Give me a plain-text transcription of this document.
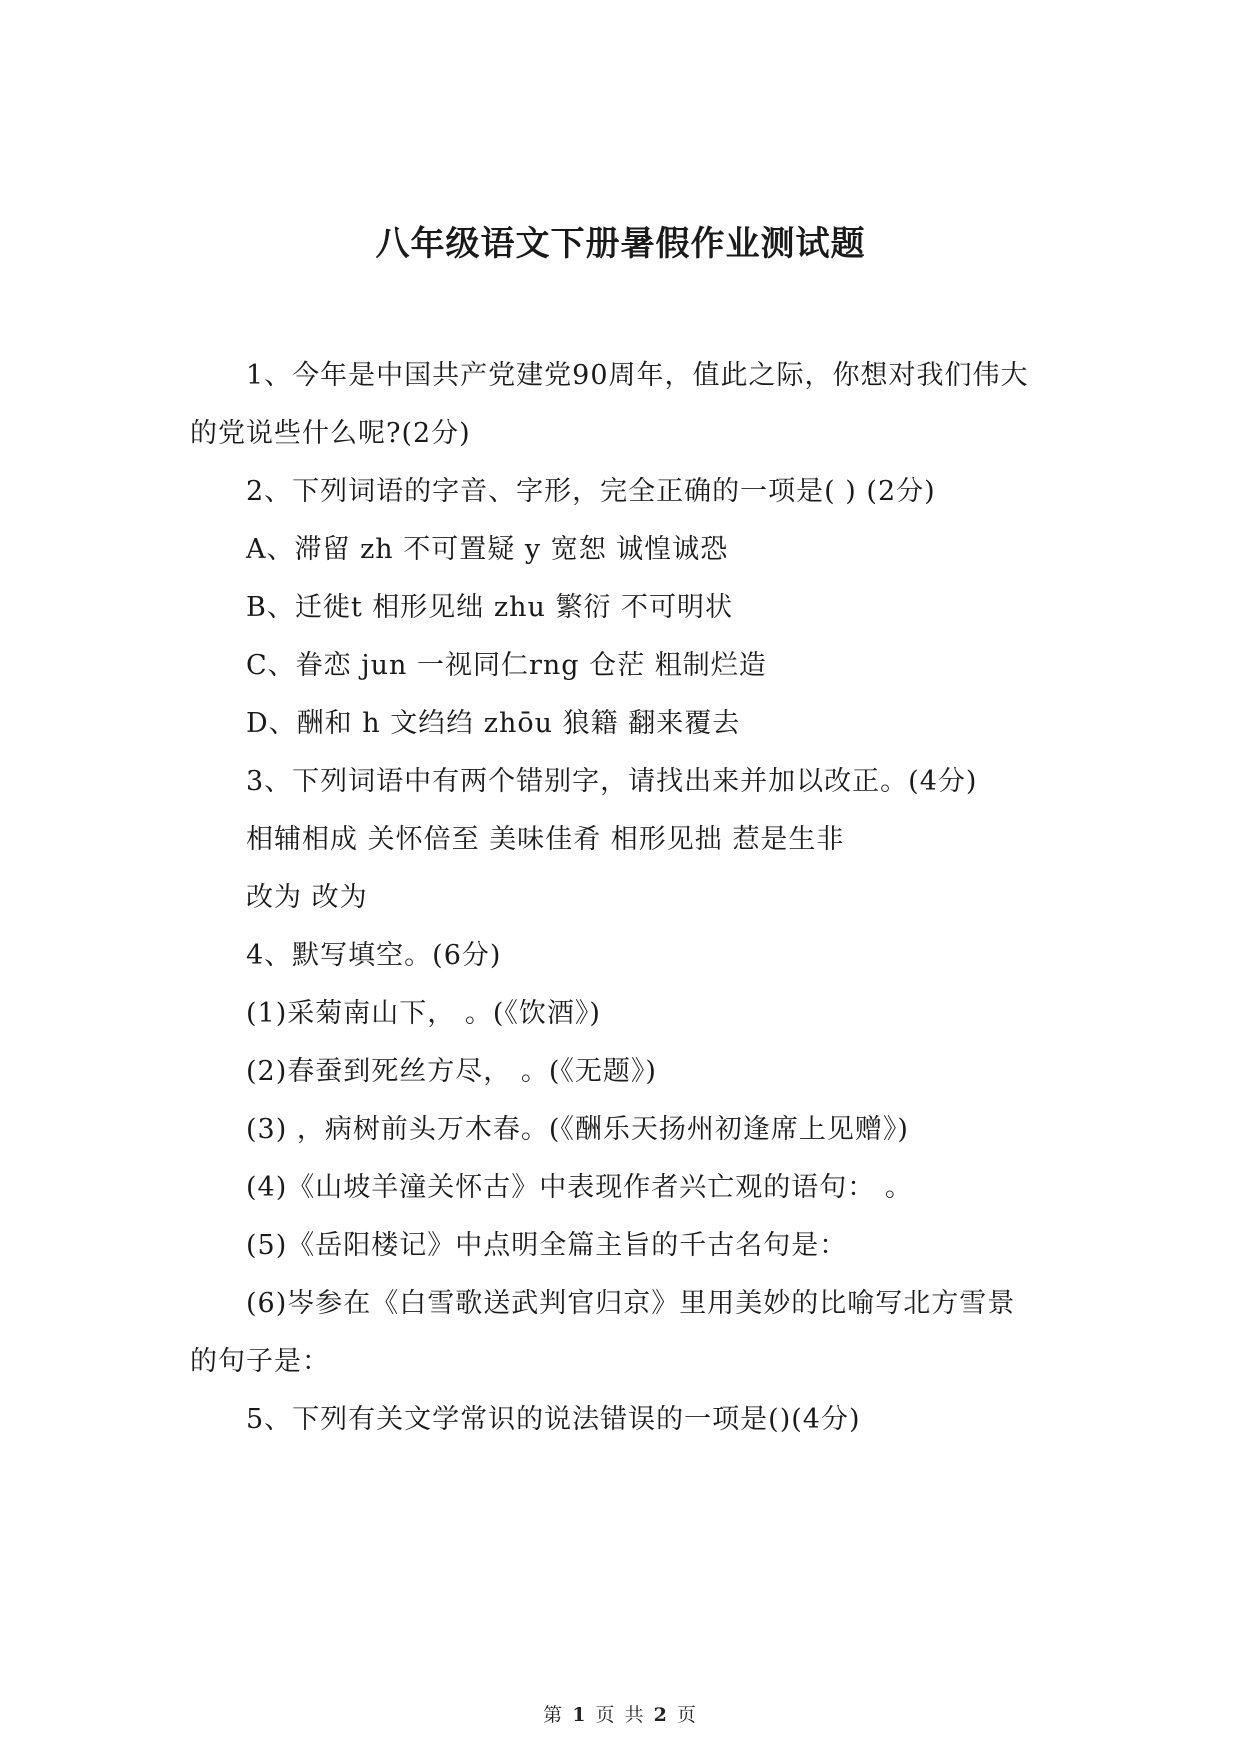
八年级语文下册暑假作业测试题
1、今年是中国共产党建党90周年，值此之际，你想对我们伟大
的党说些什么呢?(2分)
2、下列词语的字音、字形，完全正确的一项是( ) (2分)
A、滞留 zh 不可置疑 y 宽恕 诚惶诚恐
B、迁徙t 相形见绌 zhu 繁衍 不可明状
C、眷恋 jun 一视同仁rng 仓茫 粗制烂造
D、酬和 h 文绉绉 zhōu 狼籍 翻来覆去
3、下列词语中有两个错别字，请找出来并加以改正。(4分)
相辅相成 关怀倍至 美味佳肴 相形见拙 惹是生非
改为 改为
4、默写填空。(6分)
(1)采菊南山下， 。(《饮酒》)
(2)春蚕到死丝方尽， 。(《无题》)
(3) ，病树前头万木春。(《酬乐天扬州初逢席上见赠》)
(4)《山坡羊潼关怀古》中表现作者兴亡观的语句： 。
(5)《岳阳楼记》中点明全篇主旨的千古名句是：
(6)岑参在《白雪歌送武判官归京》里用美妙的比喻写北方雪景
的句子是：
5、下列有关文学常识的说法错误的一项是()(4分)
第 1 页 共 2 页
